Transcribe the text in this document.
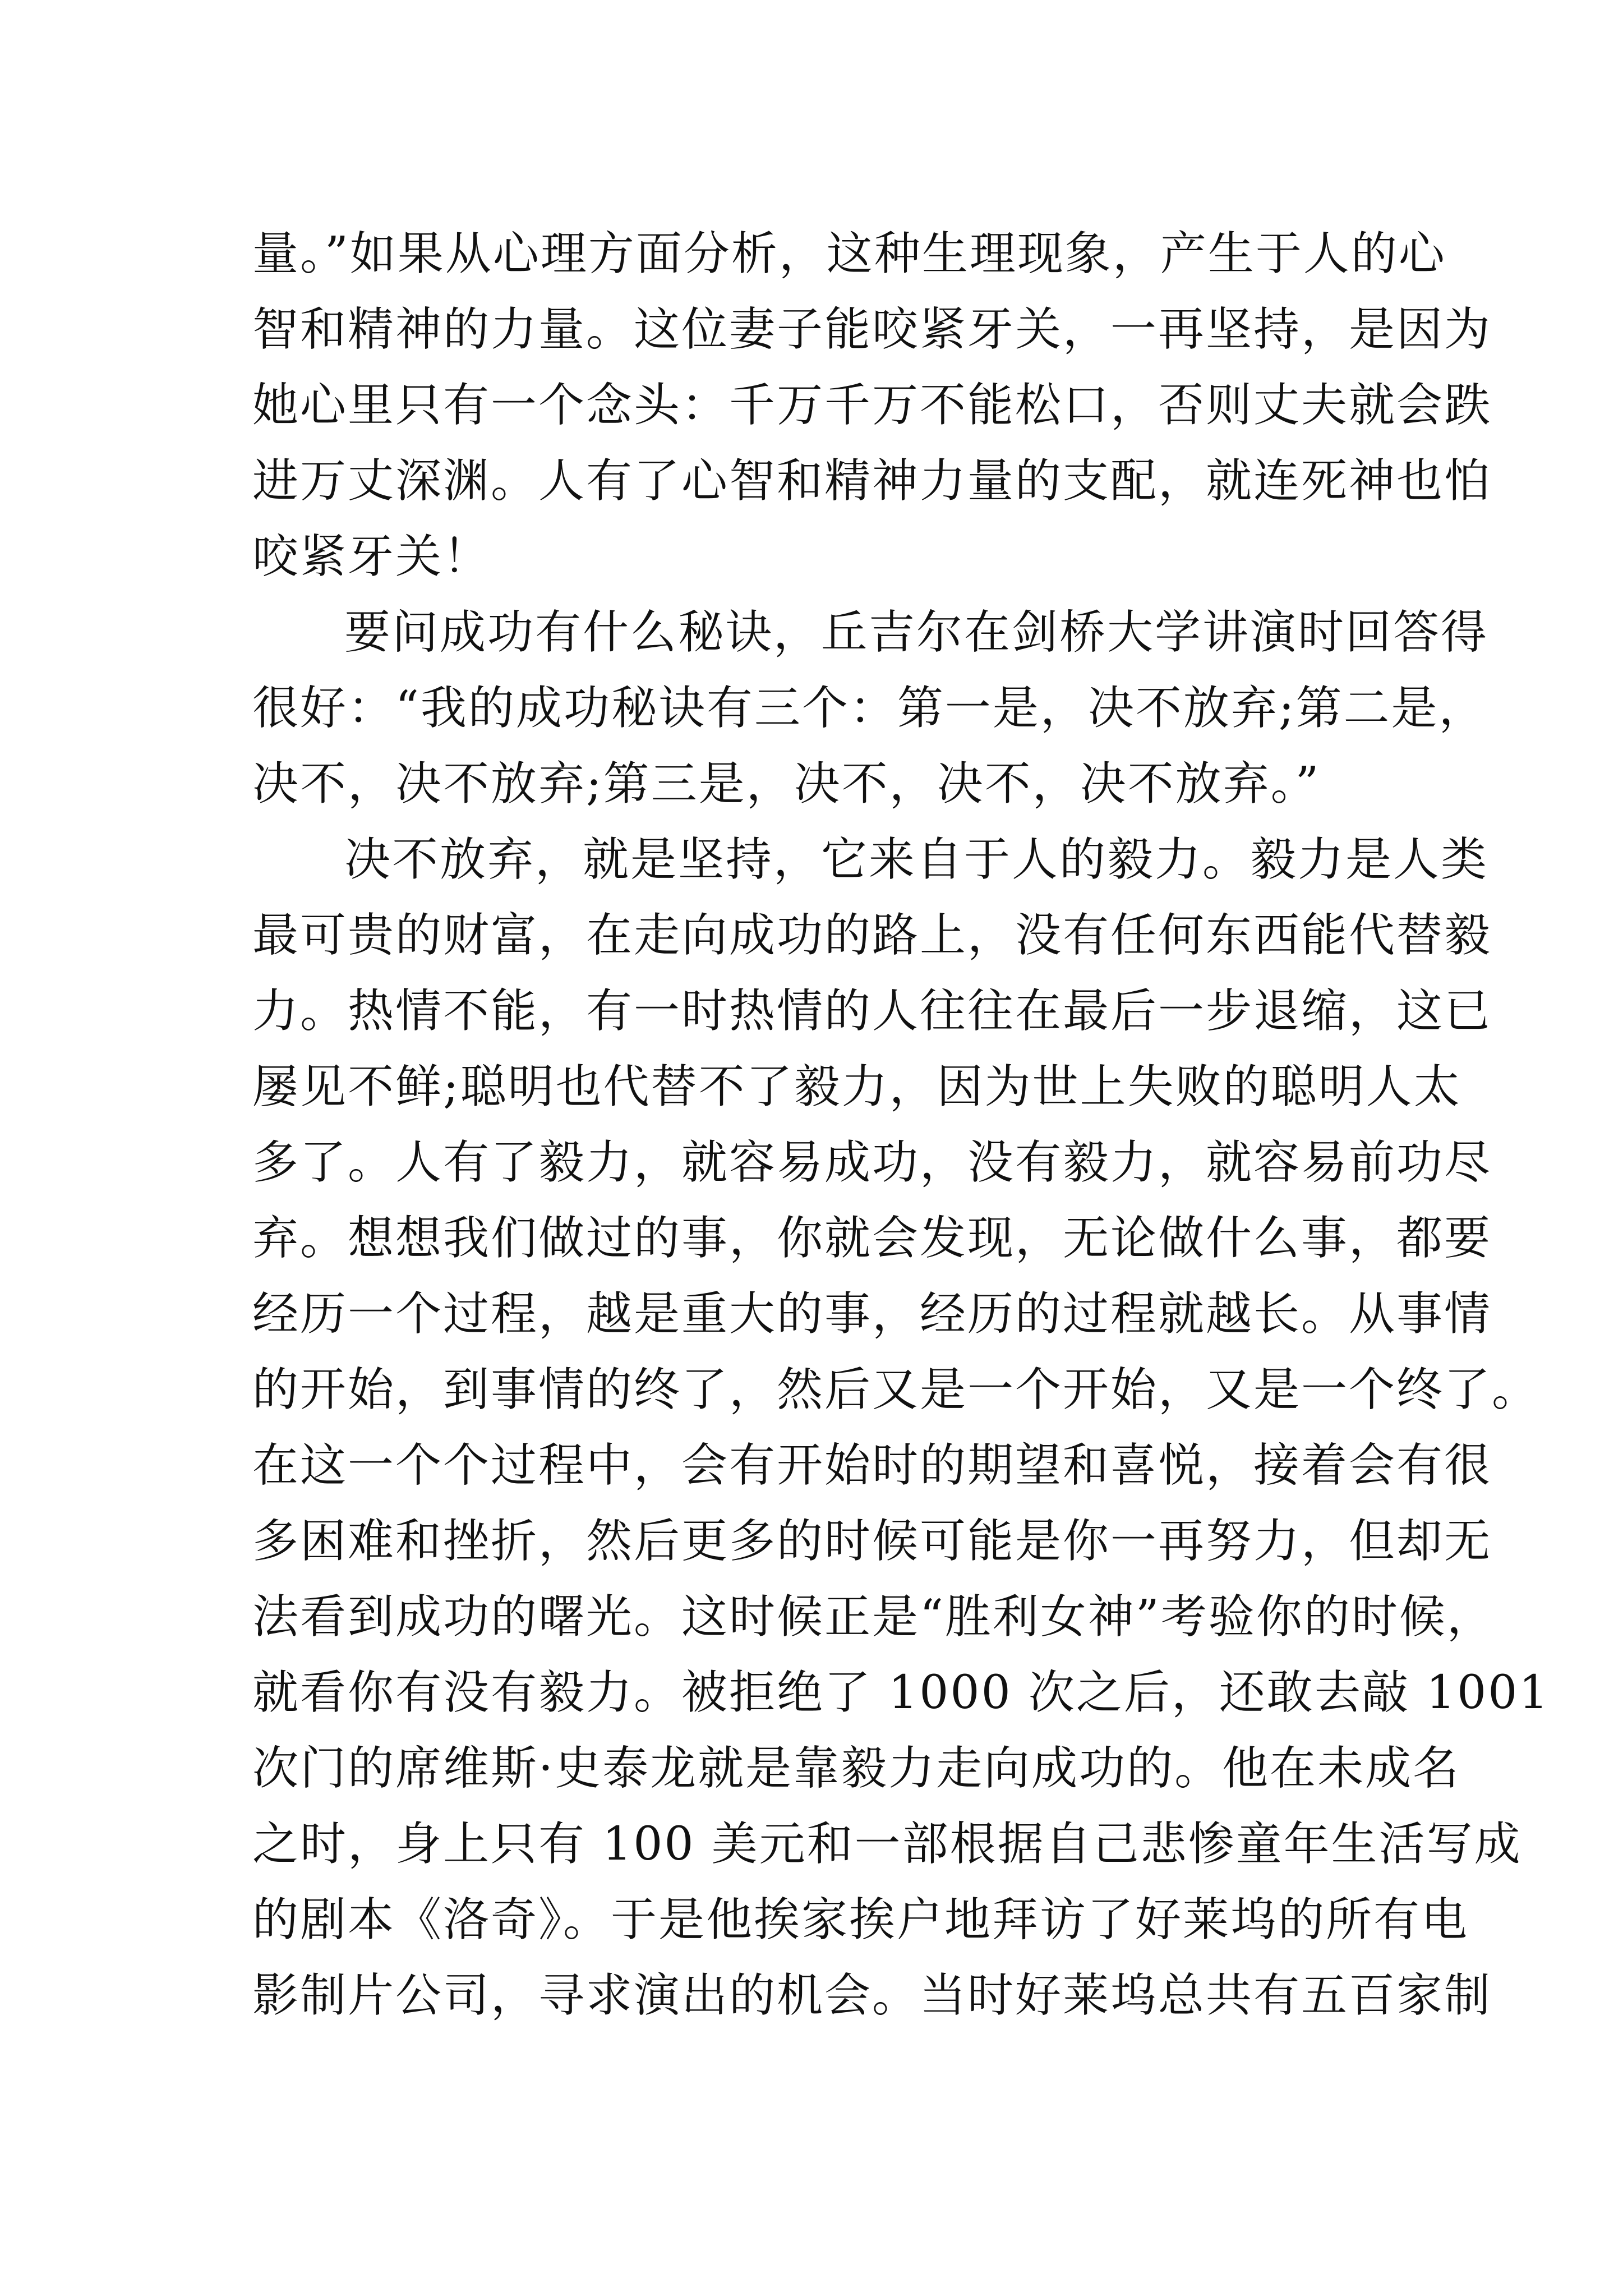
量。”如果从心理方面分析，这种生理现象，产生于人的心
智和精神的力量。这位妻子能咬紧牙关，一再坚持，是因为
她心里只有一个念头：千万千万不能松口，否则丈夫就会跌
进万丈深渊。人有了心智和精神力量的支配，就连死神也怕
咬紧牙关！
要问成功有什么秘诀，丘吉尔在剑桥大学讲演时回答得
很好：“我的成功秘诀有三个：第一是，决不放弃;第二是，
决不，决不放弃;第三是，决不，决不，决不放弃。”
决不放弃，就是坚持，它来自于人的毅力。毅力是人类
最可贵的财富，在走向成功的路上，没有任何东西能代替毅
力。热情不能，有一时热情的人往往在最后一步退缩，这已
屡见不鲜;聪明也代替不了毅力，因为世上失败的聪明人太
多了。人有了毅力，就容易成功，没有毅力，就容易前功尽
弃。想想我们做过的事，你就会发现，无论做什么事，都要
经历一个过程，越是重大的事，经历的过程就越长。从事情
的开始，到事情的终了，然后又是一个开始，又是一个终了。
在这一个个过程中，会有开始时的期望和喜悦，接着会有很
多困难和挫折，然后更多的时候可能是你一再努力，但却无
法看到成功的曙光。这时候正是“胜利女神”考验你的时候，
就看你有没有毅力。被拒绝了 1000 次之后，还敢去敲 1001
次门的席维斯·史泰龙就是靠毅力走向成功的。他在未成名
之时，身上只有 100 美元和一部根据自己悲惨童年生活写成
的剧本《洛奇》。于是他挨家挨户地拜访了好莱坞的所有电
影制片公司，寻求演出的机会。当时好莱坞总共有五百家制
